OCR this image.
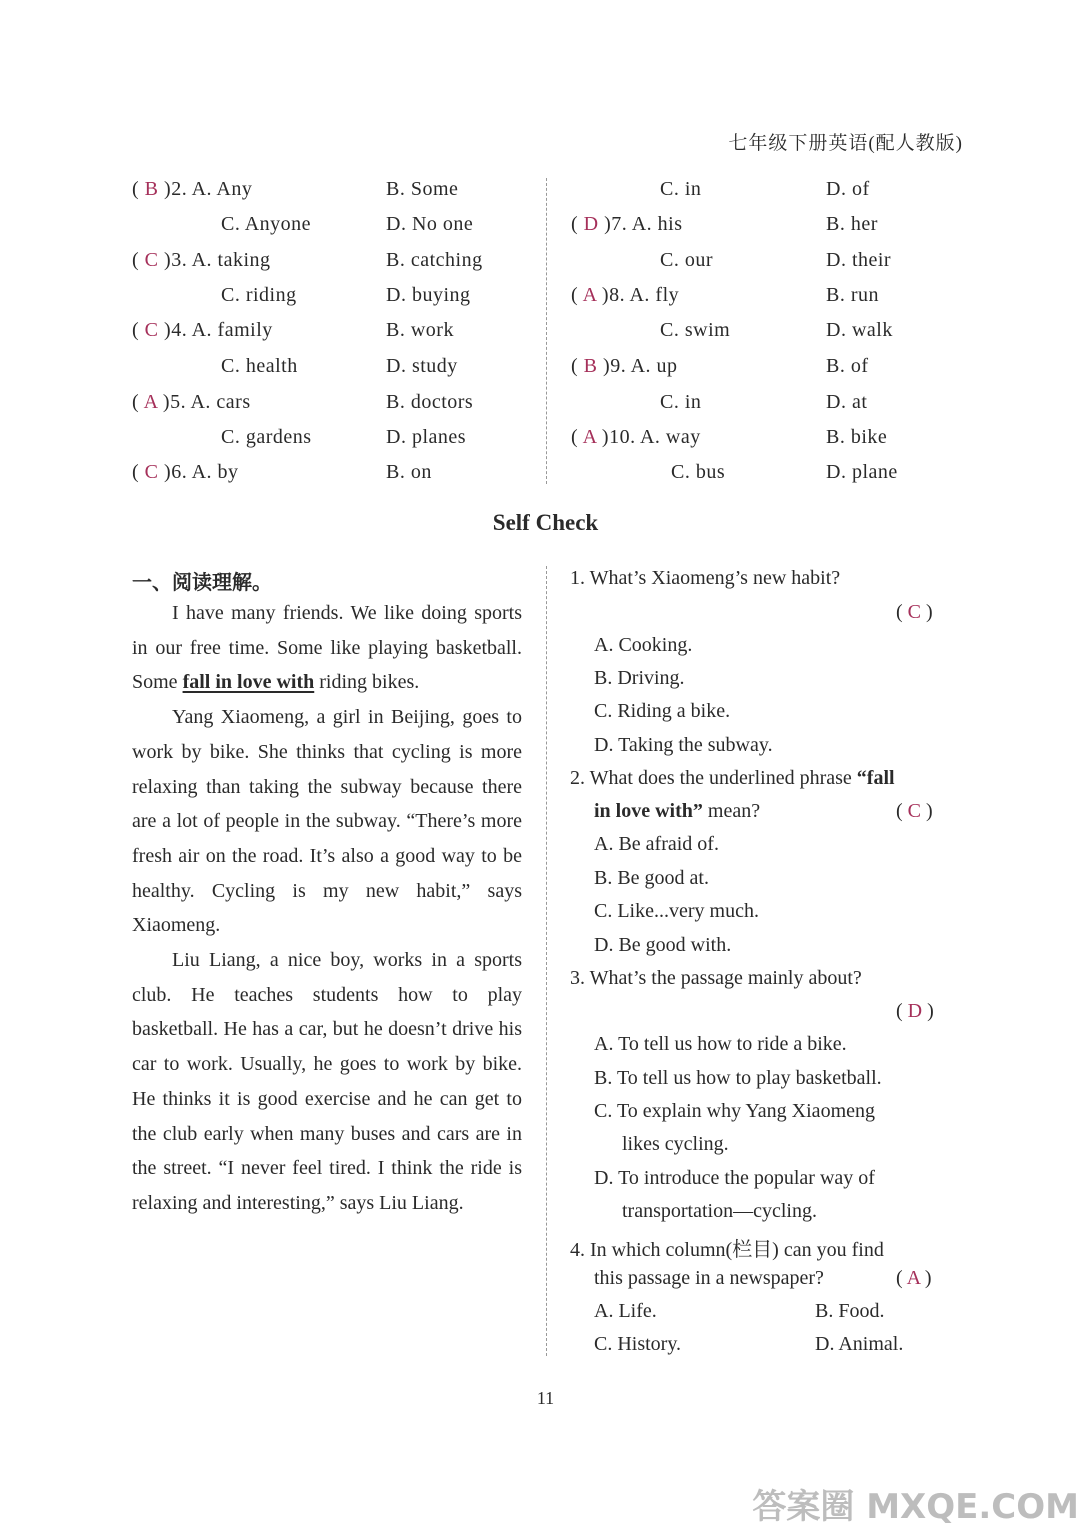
七年级下册英语(配人教版)
( B )2. A. Any	B. Some
C. Anyone	D. No one
( C )3. A. taking	B. catching
C. riding	D. buying
( C )4. A. family	B. work
C. health	D. study
( A )5. A. cars	B. doctors
C. gardens	D. planes
( C )6. A. by	B. on
C. in	D. of
( D )7. A. his	B. her
C. our	D. their
( A )8. A. fly	B. run
C. swim	D. walk
( B )9. A. up	B. of
C. in	D. at
( A )10. A. way	B. bike
C. bus	D. plane
Self Check
一、阅读理解。

I have many friends. We like doing sports in our free time. Some like playing basketball. Some fall in love with riding bikes.

Yang Xiaomeng, a girl in Beijing, goes to work by bike. She thinks that cycling is more relaxing than taking the subway because there are a lot of people in the subway. “There’s more fresh air on the road. It’s also a good way to be healthy. Cycling is my new habit,” says Xiaomeng.

Liu Liang, a nice boy, works in a sports club. He teaches students how to play basketball. He has a car, but he doesn’t drive his car to work. Usually, he goes to work by bike. He thinks it is good exercise and he can get to the club early when many buses and cars are in the street. “I never feel tired. I think the ride is relaxing and interesting,” says Liu Liang.

1. What’s Xiaomeng’s new habit?
( C )
A. Cooking.
B. Driving.
C. Riding a bike.
D. Taking the subway.
2. What does the underlined phrase “fall
in love with” mean?	( C )
A. Be afraid of.
B. Be good at.
C. Like...very much.
D. Be good with.
3. What’s the passage mainly about?
( D )
A. To tell us how to ride a bike.
B. To tell us how to play basketball.
C. To explain why Yang Xiaomeng
likes cycling.
D. To introduce the popular way of
transportation—cycling.
4. In which column(栏目) can you find
this passage in a newspaper?	( A )
A. Life.	B. Food.
C. History.	D. Animal.
11
答案圈 MXQE.COM
